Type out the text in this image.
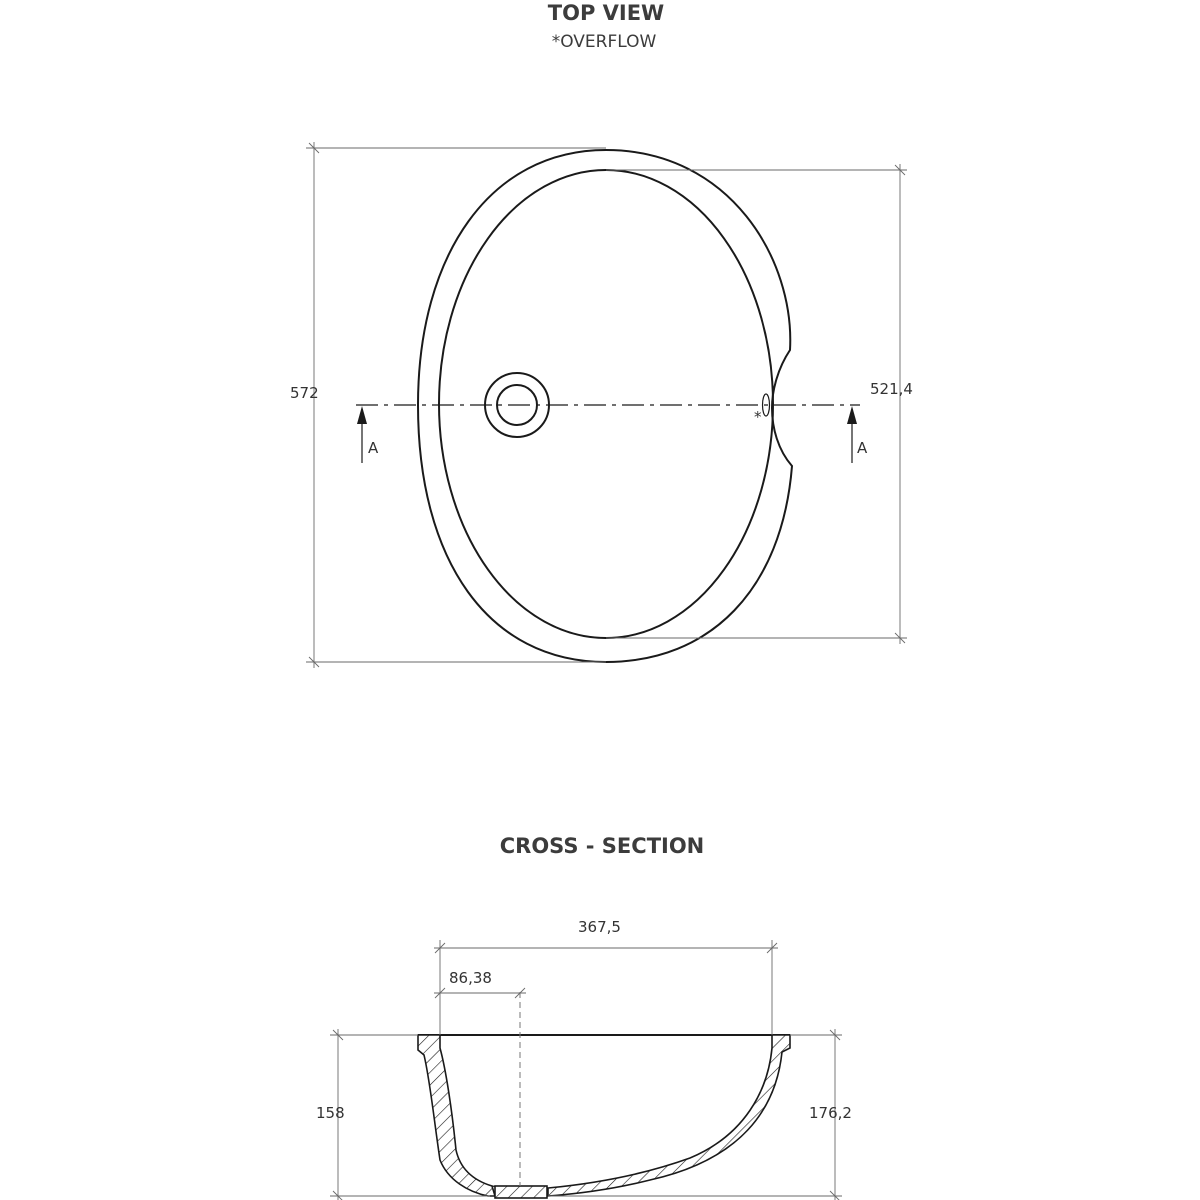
TOP VIEW
*OVERFLOW
*
A	A
572	521,4
CROSS - SECTION
367,5
86,38
158	176,2
